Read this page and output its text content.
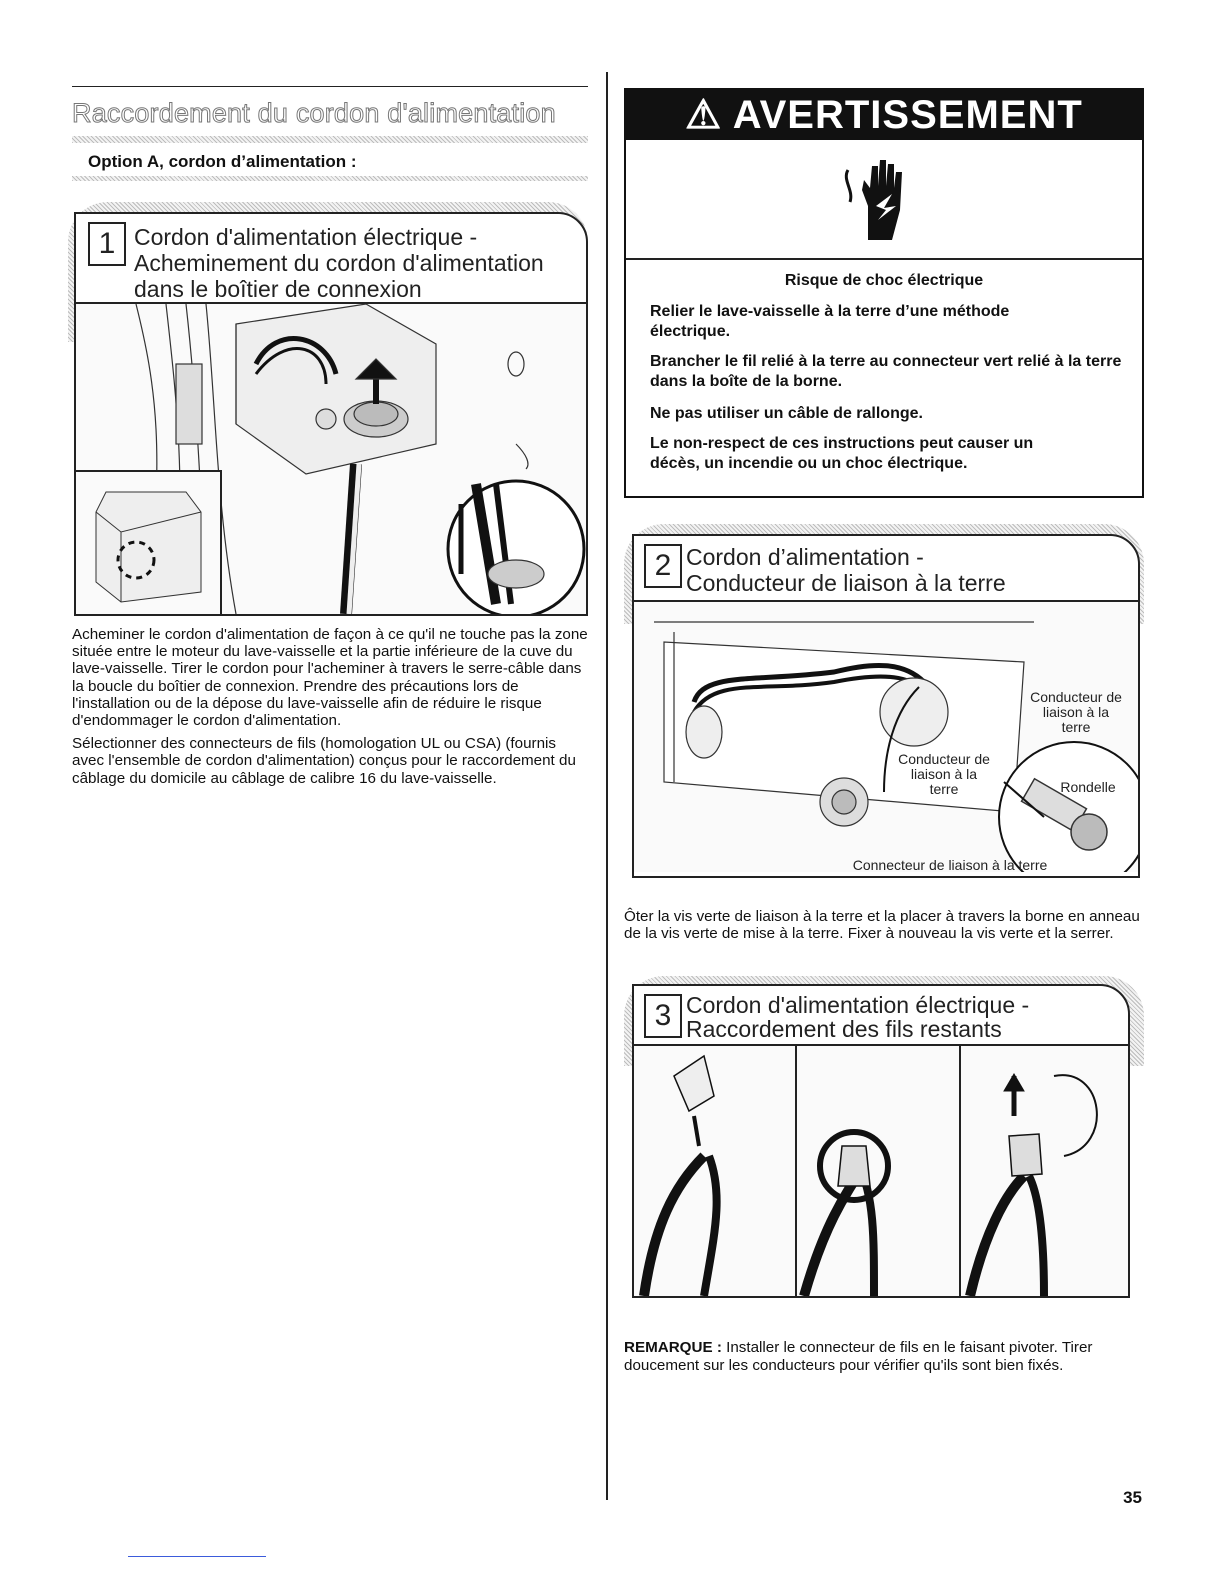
Raccordement du cordon d'alimentation
Option A, cordon d’alimentation :
1 Cordon d'alimentation électrique -
Acheminement du cordon d'alimentation
dans le boîtier de connexion

Acheminer le cordon d'alimentation de façon à ce qu'il ne touche pas la zone située entre le moteur du lave-vaisselle et la partie inférieure de la cuve du lave-vaisselle. Tirer le cordon pour l'acheminer à travers le serre-câble dans la boucle du boîtier de connexion. Prendre des précautions lors de l'installation ou de la dépose du lave-vaisselle afin de réduire le risque d'endommager le cordon d'alimentation.

Sélectionner des connecteurs de fils (homologation UL ou CSA) (fournis avec l'ensemble de cordon d'alimentation) conçus pour le raccordement du câblage du domicile au câblage de calibre 16 du lave-vaisselle.

⚠ AVERTISSEMENT
Risque de choc électrique
Relier le lave-vaisselle à la terre d’une méthode électrique.
Brancher le fil relié à la terre au connecteur vert relié à la terre dans la boîte de la borne.
Ne pas utiliser un câble de rallonge.
Le non-respect de ces instructions peut causer un décès, un incendie ou un choc électrique.
2 Cordon d’alimentation -
Conducteur de liaison à la terre
Conducteur de liaison à la terre
Conducteur de liaison à la terre	Rondelle
Connecteur de liaison à la terre
Ôter la vis verte de liaison à la terre et la placer à travers la borne en anneau de la vis verte de mise à la terre. Fixer à nouveau la vis verte et la serrer.
3 Cordon d'alimentation électrique -
Raccordement des fils restants
REMARQUE : Installer le connecteur de fils en le faisant pivoter. Tirer doucement sur les conducteurs pour vérifier qu'ils sont bien fixés.
35
